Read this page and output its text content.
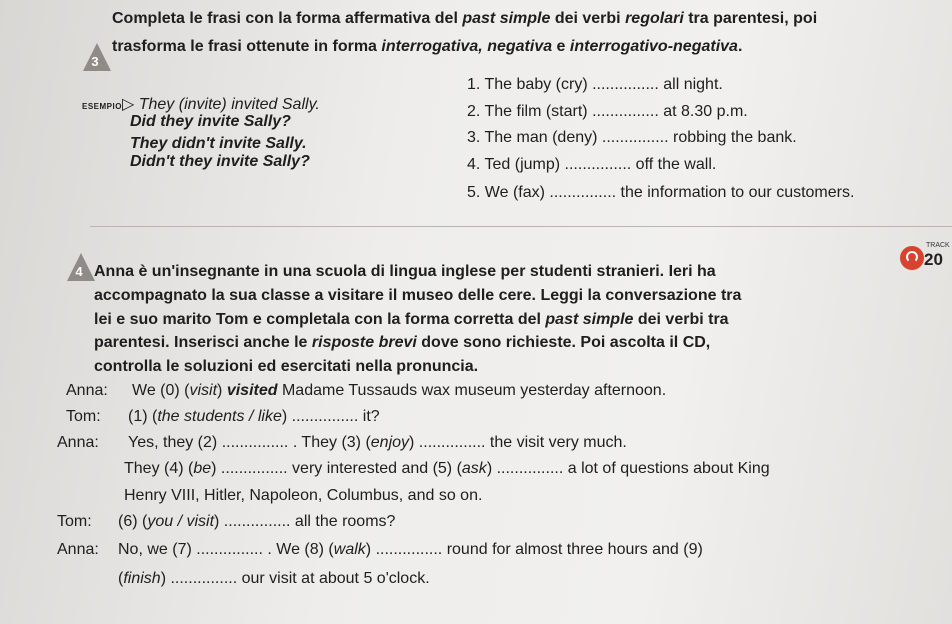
3
Completa le frasi con la forma affermativa del past simple dei verbi regolari tra parentesi, poi
trasforma le frasi ottenute in forma interrogativa, negativa e interrogativo-negativa.
ESEMPIO▷ They (invite) invited Sally.
Did they invite Sally?
They didn't invite Sally.
Didn't they invite Sally?
1. The baby (cry) ............... all night.
2. The film (start) ............... at 8.30 p.m.
3. The man (deny) ............... robbing the bank.
4. Ted (jump) ............... off the wall.
5. We (fax) ............... the information to our customers.
4
TRACK
20
Anna è un'insegnante in una scuola di lingua inglese per studenti stranieri. Ieri ha
accompagnato la sua classe a visitare il museo delle cere. Leggi la conversazione tra
lei e suo marito Tom e completala con la forma corretta del past simple dei verbi tra
parentesi. Inserisci anche le risposte brevi dove sono richieste. Poi ascolta il CD,
controlla le soluzioni ed esercitati nella pronuncia.
Anna: We (0) (visit) visited Madame Tussauds wax museum yesterday afternoon.
Tom: (1) (the students / like) ............... it?
Anna: Yes, they (2) ............... . They (3) (enjoy) ............... the visit very much.
They (4) (be) ............... very interested and (5) (ask) ............... a lot of questions about King
Henry VIII, Hitler, Napoleon, Columbus, and so on.
Tom: (6) (you / visit) ............... all the rooms?
Anna: No, we (7) ............... . We (8) (walk) ............... round for almost three hours and (9)
(finish) ............... our visit at about 5 o'clock.
